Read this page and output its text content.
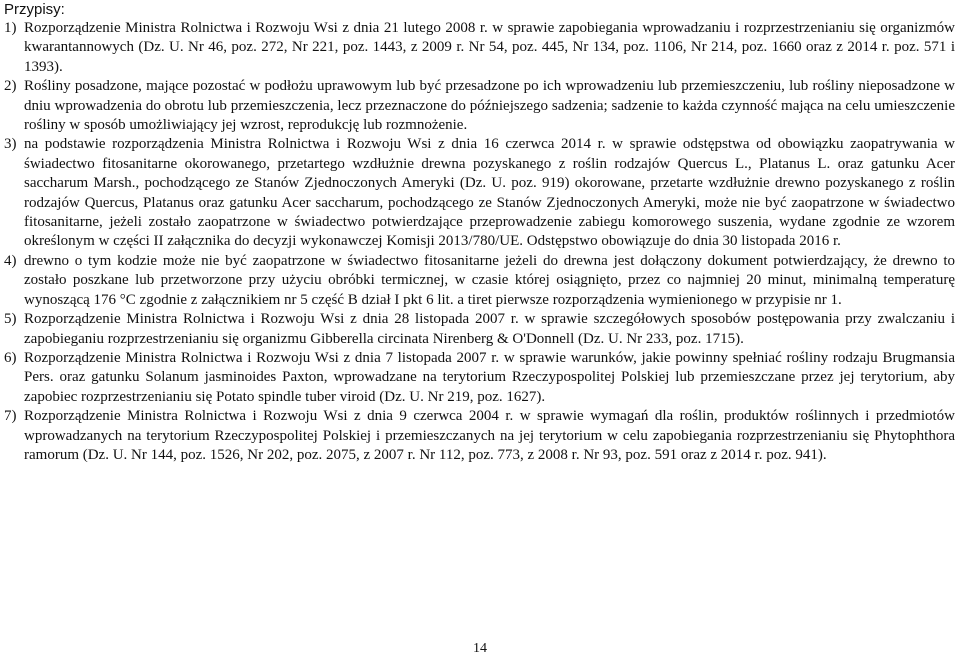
Przypisy:
1) Rozporządzenie Ministra Rolnictwa i Rozwoju Wsi z dnia 21 lutego 2008 r. w sprawie zapobiegania wprowadzaniu i rozprzestrzenianiu się organizmów kwarantannowych (Dz. U. Nr 46, poz. 272, Nr 221, poz. 1443, z 2009 r. Nr 54, poz. 445, Nr 134, poz. 1106, Nr 214, poz. 1660 oraz z 2014 r. poz. 571 i 1393).
2) Rośliny posadzone, mające pozostać w podłożu uprawowym lub być przesadzone po ich wprowadzeniu lub przemieszczeniu, lub rośliny nieposadzone w dniu wprowadzenia do obrotu lub przemieszczenia, lecz przeznaczone do późniejszego sadzenia; sadzenie to każda czynność mająca na celu umieszczenie rośliny w sposób umożliwiający jej wzrost, reprodukcję lub rozmnożenie.
3) na podstawie rozporządzenia Ministra Rolnictwa i Rozwoju Wsi z dnia 16 czerwca 2014 r. w sprawie odstępstwa od obowiązku zaopatrywania w świadectwo fitosanitarne okorowanego, przetartego wzdłużnie drewna pozyskanego z roślin rodzajów Quercus L., Platanus L. oraz gatunku Acer saccharum Marsh., pochodzącego ze Stanów Zjednoczonych Ameryki (Dz. U. poz. 919) okorowane, przetarte wzdłużnie drewno pozyskanego z roślin rodzajów Quercus, Platanus oraz gatunku Acer saccharum, pochodzącego ze Stanów Zjednoczonych Ameryki, może nie być zaopatrzone w świadectwo fitosanitarne, jeżeli zostało zaopatrzone w świadectwo potwierdzające przeprowadzenie zabiegu komorowego suszenia, wydane zgodnie ze wzorem określonym w części II załącznika do decyzji wykonawczej Komisji 2013/780/UE. Odstępstwo obowiązuje do dnia 30 listopada 2016 r.
4) drewno o tym kodzie może nie być zaopatrzone w świadectwo fitosanitarne jeżeli do drewna jest dołączony dokument potwierdzający, że drewno to zostało poszkane lub przetworzone przy użyciu obróbki termicznej, w czasie której osiągnięto, przez co najmniej 20 minut, minimalną temperaturę wynoszącą 176 °C zgodnie z załącznikiem nr 5 część B dział I pkt 6 lit. a tiret pierwsze rozporządzenia wymienionego w przypisie nr 1.
5) Rozporządzenie Ministra Rolnictwa i Rozwoju Wsi z dnia 28 listopada 2007 r. w sprawie szczegółowych sposobów postępowania przy zwalczaniu i zapobieganiu rozprzestrzenianiu się organizmu Gibberella circinata Nirenberg & O'Donnell (Dz. U. Nr 233, poz. 1715).
6) Rozporządzenie Ministra Rolnictwa i Rozwoju Wsi z dnia 7 listopada 2007 r. w sprawie warunków, jakie powinny spełniać rośliny rodzaju Brugmansia Pers. oraz gatunku Solanum jasminoides Paxton, wprowadzane na terytorium Rzeczypospolitej Polskiej lub przemieszczane przez jej terytorium, aby zapobiec rozprzestrzenianiu się Potato spindle tuber viroid (Dz. U. Nr 219, poz. 1627).
7) Rozporządzenie Ministra Rolnictwa i Rozwoju Wsi z dnia 9 czerwca 2004 r. w sprawie wymagań dla roślin, produktów roślinnych i przedmiotów wprowadzanych na terytorium Rzeczypospolitej Polskiej i przemieszczanych na jej terytorium w celu zapobiegania rozprzestrzenianiu się Phytophthora ramorum (Dz. U. Nr 144, poz. 1526, Nr 202, poz. 2075, z 2007 r. Nr 112, poz. 773, z 2008 r. Nr 93, poz. 591 oraz z 2014 r. poz. 941).
14
